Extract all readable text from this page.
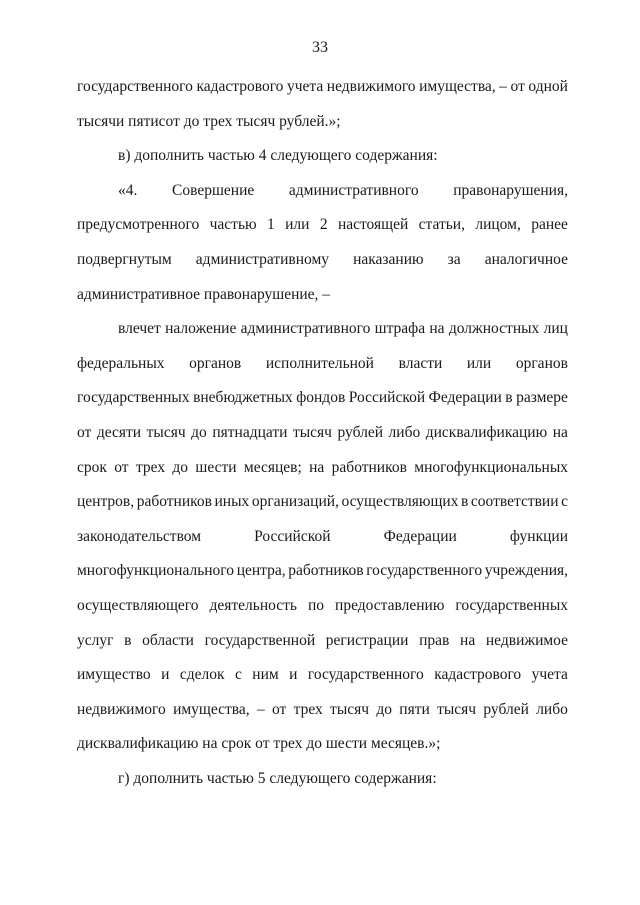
33
государственного кадастрового учета недвижимого имущества, – от одной
тысячи пятисот до трех тысяч рублей.»;
в) дополнить частью 4 следующего содержания:
«4. Совершение административного правонарушения,
предусмотренного частью 1 или 2 настоящей статьи, лицом, ранее
подвергнутым административному наказанию за аналогичное
административное правонарушение, –
влечет наложение административного штрафа на должностных лиц
федеральных органов исполнительной власти или органов
государственных внебюджетных фондов Российской Федерации в размере
от десяти тысяч до пятнадцати тысяч рублей либо дисквалификацию на
срок от трех до шести месяцев; на работников многофункциональных
центров, работников иных организаций, осуществляющих в соответствии с
законодательством	Российской	Федерации	функции
многофункционального центра, работников государственного учреждения,
осуществляющего деятельность по предоставлению государственных
услуг в области государственной регистрации прав на недвижимое
имущество и сделок с ним и государственного кадастрового учета
недвижимого имущества, – от трех тысяч до пяти тысяч рублей либо
дисквалификацию на срок от трех до шести месяцев.»;
г) дополнить частью 5 следующего содержания:
